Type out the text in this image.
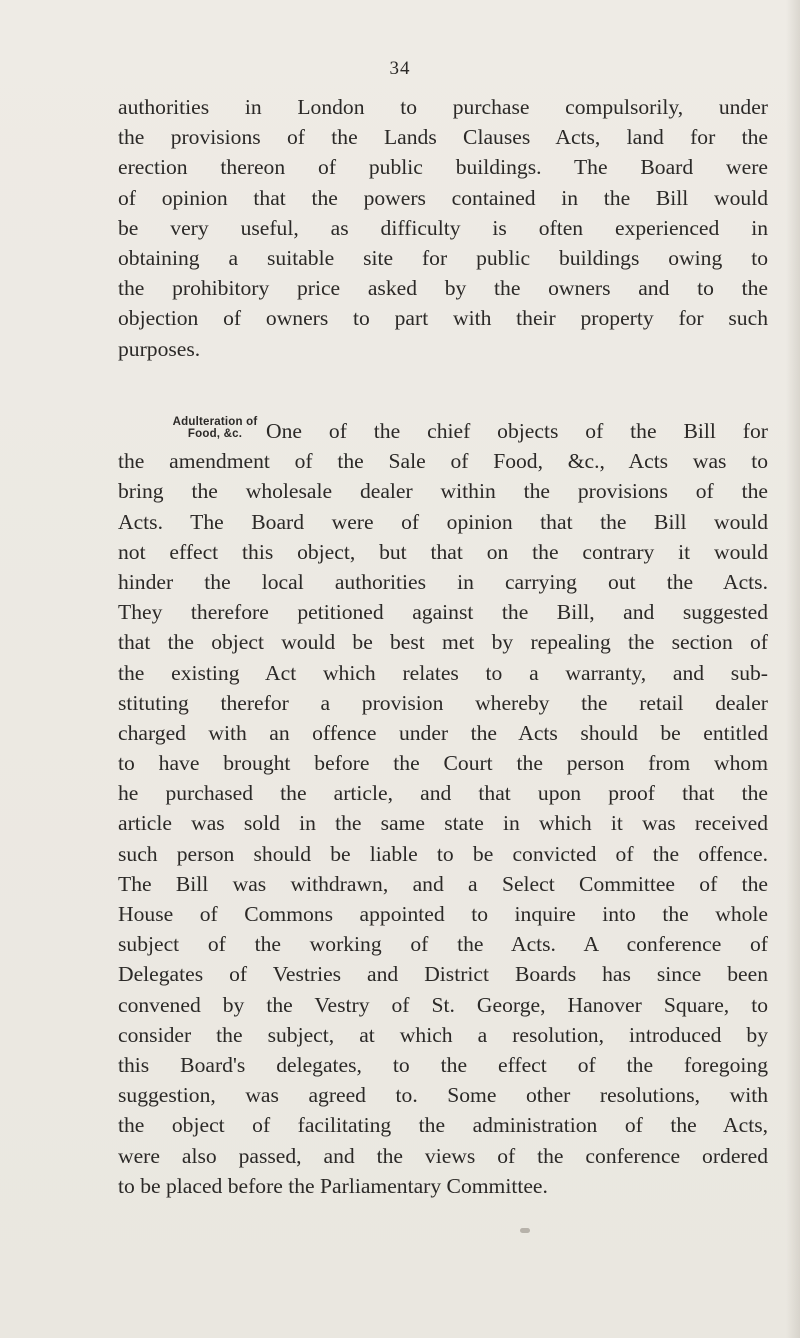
34
authorities in London to purchase compulsorily, under
the provisions of the Lands Clauses Acts, land for the
erection thereon of public buildings. The Board were
of opinion that the powers contained in the Bill would
be very useful, as difficulty is often experienced in
obtaining a suitable site for public buildings owing to
the prohibitory price asked by the owners and to the
objection of owners to part with their property for such
purposes.
Adulteration of
Food, &c.	One of the chief objects of the Bill for
the amendment of the Sale of Food, &c., Acts was to
bring the wholesale dealer within the provisions of the
Acts. The Board were of opinion that the Bill would
not effect this object, but that on the contrary it would
hinder the local authorities in carrying out the Acts.
They therefore petitioned against the Bill, and suggested
that the object would be best met by repealing the section of
the existing Act which relates to a warranty, and sub-
stituting therefor a provision whereby the retail dealer
charged with an offence under the Acts should be entitled
to have brought before the Court the person from whom
he purchased the article, and that upon proof that the
article was sold in the same state in which it was received
such person should be liable to be convicted of the offence.
The Bill was withdrawn, and a Select Committee of the
House of Commons appointed to inquire into the whole
subject of the working of the Acts. A conference of
Delegates of Vestries and District Boards has since been
convened by the Vestry of St. George, Hanover Square, to
consider the subject, at which a resolution, introduced by
this Board's delegates, to the effect of the foregoing
suggestion, was agreed to. Some other resolutions, with
the object of facilitating the administration of the Acts,
were also passed, and the views of the conference ordered
to be placed before the Parliamentary Committee.
